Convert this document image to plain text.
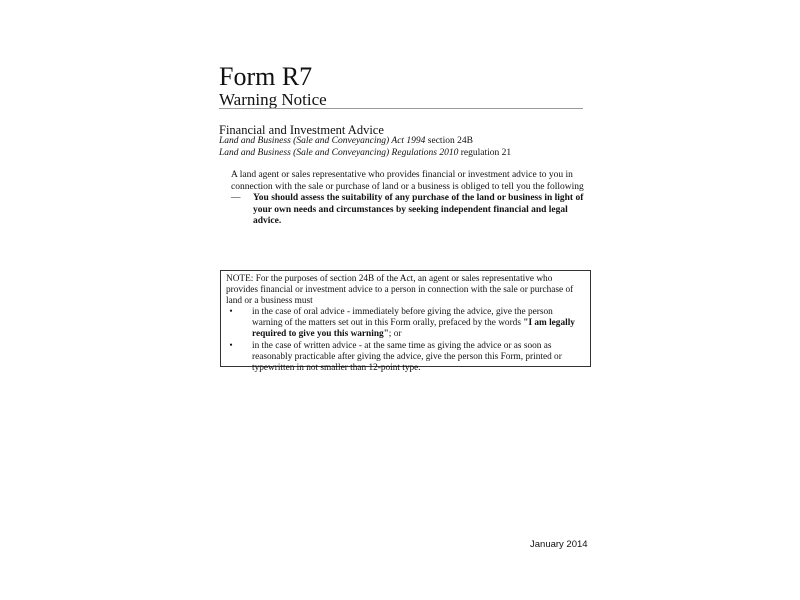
Form R7
Warning Notice
Financial and Investment Advice
Land and Business (Sale and Conveyancing) Act 1994 section 24B
Land and Business (Sale and Conveyancing) Regulations 2010 regulation 21

A land agent or sales representative who provides financial or investment advice to you in connection with the sale or purchase of land or a business is obliged to tell you the following —	You should assess the suitability of any purchase of the land or business in light of your own needs and circumstances by seeking independent financial and legal advice.

NOTE: For the purposes of section 24B of the Act, an agent or sales representative who provides financial or investment advice to a person in connection with the sale or purchase of land or a business must

•	in the case of oral advice - immediately before giving the advice, give the person warning of the matters set out in this Form orally, prefaced by the words "I am legally required to give you this warning"; or
•	in the case of written advice - at the same time as giving the advice or as soon as reasonably practicable after giving the advice, give the person this Form, printed or typewritten in not smaller than 12-point type.
January 2014
